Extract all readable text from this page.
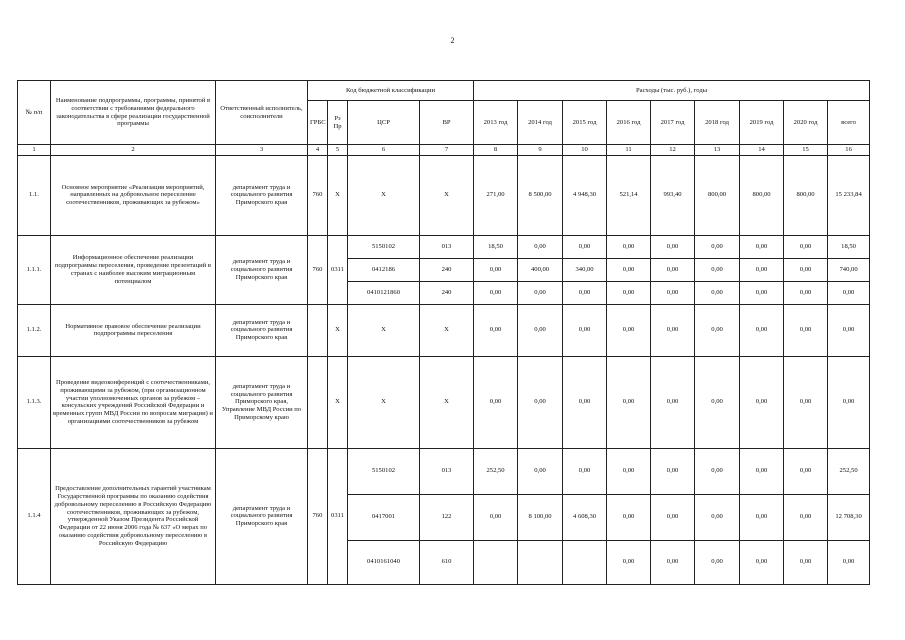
2
№ п/п	Наименование подпрограммы, программы, принятой в соответствии с требованиями федерального законодательства в сфере реализации государственной программы	Ответственный исполнитель, соисполнители	Код бюджетной классификации				Расходы (тыс. руб.), годы								
			ГРБС	Рз Пр	ЦСР	ВР	2013 год	2014 год	2015 год	2016 год	2017 год	2018 год	2019 год	2020 год	всего
1	2	3	4	5	6	7	8	9	10	11	12	13	14	15	16
1.1.	Основное мероприятие «Реализация мероприятий, направленных на добровольное переселение соотечественников, проживающих за рубежом»	департамент труда и социального развития Приморского края	760	X	X	X	271,00	8 500,00	4 948,30	521,14	993,40	800,00	800,00	800,00	15 233,84
1.1.1.	Информационное обеспечение реализации подпрограммы переселения, проведение презентаций в странах с наиболее высоким миграционным потенциалом	департамент труда и социального развития Приморского края	760	0311	5150102	013	18,50	0,00	0,00	0,00	0,00	0,00	0,00	0,00	18,50
					0412186	240	0,00	400,00	340,00	0,00	0,00	0,00	0,00	0,00	740,00
					0410121860	240	0,00	0,00	0,00	0,00	0,00	0,00	0,00	0,00	0,00
1.1.2.	Нормативное правовое обеспечение реализации подпрограммы переселения	департамент труда и социального развития Приморского края		X	X	X	0,00	0,00	0,00	0,00	0,00	0,00	0,00	0,00	0,00
1.1.3.	Проведение видеоконференций с соотечественниками, проживающими за рубежом, (при организационном участии уполномоченных органов за рубежом – консульских учреждений Российской Федерации и временных групп МВД России по вопросам миграции) и организациями соотечественников за рубежом	департамент труда и социального развития Приморского края, Управление МВД России по Приморскому краю		X	X	X	0,00	0,00	0,00	0,00	0,00	0,00	0,00	0,00	0,00
1.1.4	Предоставление дополнительных гарантий участникам Государственной программы по оказанию содействия добровольному переселению в Российскую Федерацию соотечественников, проживающих за рубежом, утвержденной Указом Президента Российской Федерации от 22 июня 2006 года № 637 «О мерах по оказанию содействия добровольному переселению в Российскую Федерацию	департамент труда и социального развития Приморского края	760	0311	5150102	013	252,50	0,00	0,00	0,00	0,00	0,00	0,00	0,00	252,50
					0417001	122	0,00	8 100,00	4 608,30	0,00	0,00	0,00	0,00	0,00	12 708,30
					0410161040	610				0,00	0,00	0,00	0,00	0,00	0,00
